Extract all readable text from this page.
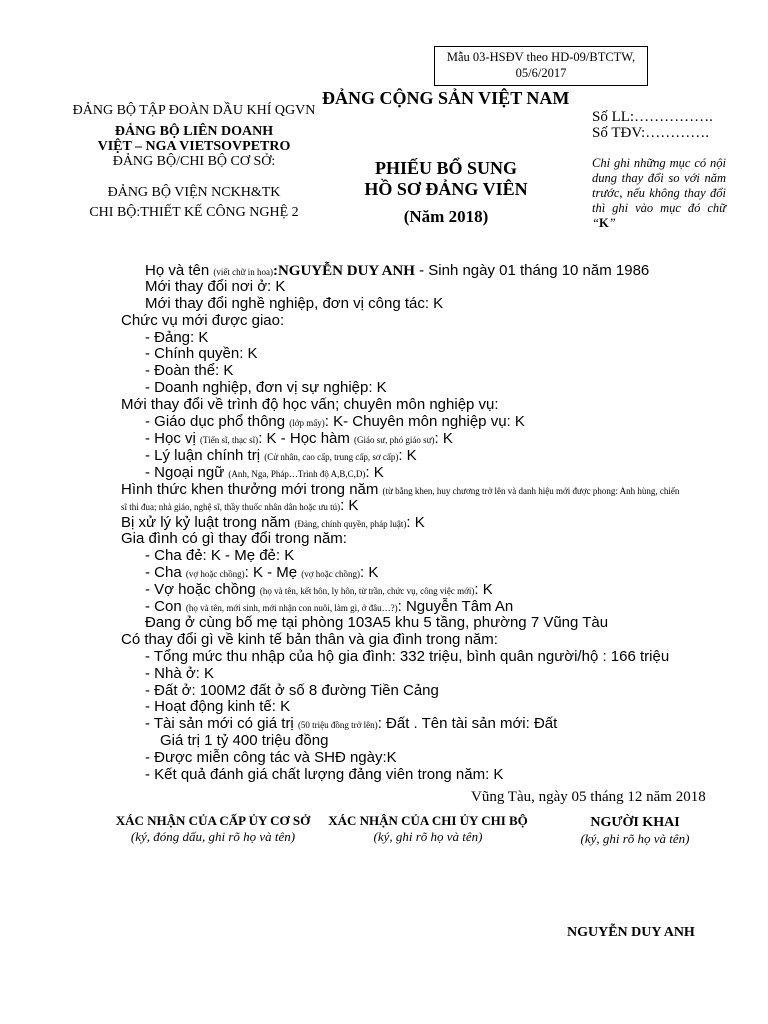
Mẫu 03-HSĐV theo HD-09/BTCTW,
05/6/2017
ĐẢNG CỘNG SẢN VIỆT NAM
ĐẢNG BỘ TẬP ĐOÀN DẦU KHÍ QGVN
ĐẢNG BỘ LIÊN DOANH
VIỆT – NGA VIETSOVPETRO
ĐẢNG BỘ/CHI BỘ CƠ SỞ:
ĐẢNG BỘ VIỆN NCKH&TK
CHI BỘ:THIẾT KẾ CÔNG NGHỆ 2
Số LL:…………….
Số TĐV:………….
PHIẾU BỔ SUNG
HỒ SƠ ĐẢNG VIÊN
(Năm 2018)
Chỉ ghi những mục có nội dung thay đổi so với năm trước, nếu không thay đổi thì ghi vào mục đó chữ “K”
Họ và tên (viết chữ in hoa):NGUYỄN DUY ANH - Sinh ngày 01 tháng 10 năm 1986
Mới thay đổi nơi ở: K
Mới thay đổi nghề nghiệp, đơn vị công tác: K
Chức vụ mới được giao:
- Đảng: K
- Chính quyền: K
- Đoàn thể: K
- Doanh nghiệp, đơn vị sự nghiệp: K
Mới thay đổi về trình độ học vấn; chuyên môn nghiệp vụ:
- Giáo dục phổ thông (lớp mấy): K- Chuyên môn nghiệp vụ: K
- Học vị (Tiến sĩ, thạc sĩ): K - Học hàm (Giáo sư, phó giáo sư): K
- Lý luận chính trị (Cử nhân, cao cấp, trung cấp, sơ cấp): K
- Ngoại ngữ (Anh, Nga, Pháp…Trình độ A,B,C,D): K
Hình thức khen thưởng mới trong năm (từ bằng khen, huy chương trở lên và danh hiệu mới được phong: Anh hùng, chiến
sĩ thi đua; nhà giáo, nghệ sĩ, thầy thuốc nhân dân hoặc ưu tú): K
Bị xử lý kỷ luật trong năm (Đảng, chính quyền, pháp luật): K
Gia đình có gì thay đổi trong năm:
- Cha đẻ: K - Mẹ đẻ: K
- Cha (vợ hoặc chồng): K - Mẹ (vợ hoặc chồng): K
- Vợ hoặc chồng (họ và tên, kết hôn, ly hôn, từ trần, chức vụ, công việc mới): K
- Con (họ và tên, mới sinh, mới nhận con nuôi, làm gì, ở đâu…?): Nguyễn Tâm An
Đang ở cùng bố mẹ tại phòng 103A5 khu 5 tầng, phường 7 Vũng Tàu
Có thay đổi gì về kinh tế bản thân và gia đình trong năm:
- Tổng mức thu nhập của hộ gia đình: 332 triệu, bình quân người/hộ : 166 triệu
- Nhà ở: K
- Đất ở: 100M2 đất ở số 8 đường Tiền Cảng
- Hoạt động kinh tế: K
- Tài sản mới có giá trị (50 triệu đồng trở lên): Đất . Tên tài sản mới: Đất
Giá trị 1 tỷ 400 triệu đồng
- Được miễn công tác và SHĐ ngày:K
- Kết quả đánh giá chất lượng đảng viên trong năm: K
Vũng Tàu, ngày 05 tháng 12 năm 2018
XÁC NHẬN CỦA CẤP ỦY CƠ SỞ
(ký, đóng dấu, ghi rõ họ và tên)
XÁC NHẬN CỦA CHI ỦY CHI BỘ
(ký, ghi rõ họ và tên)
NGƯỜI KHAI
(ký, ghi rõ họ và tên)
NGUYỄN DUY ANH
